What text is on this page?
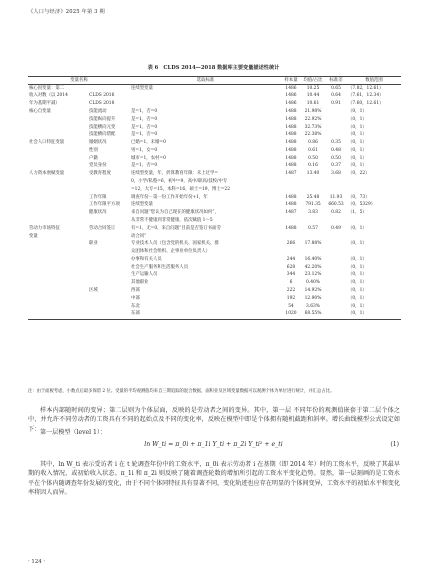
《人口与经济》2025 年第 3 期
表 6　CLDS 2014—2018 数据库主要变量描述性统计
变量名称		选取标准	样本量	均值/占比	标准差	数值范围
核心因变量：第二		连续型变量	1486	10.25	0.65	（7.82，12.61）
收入对数（以 2014	CLDS 2016		1486	10.44	0.64	（7.61，12.34）
年为基期平减）	CLDS 2018		1486	10.61	0.91	（7.60，12.61）
核心自变量	技能流动	是=1，否=0	1488	21.98%		（0，1）
	技能纵向提升	是=1，否=0	1488	22.92%		（0，1）
	技能横向元变	是=1，否=0	1488	32.73%		（0，1）
	技能横向错配	是=1，否=0	1488	22.38%		（0，1）
社会人口特征变量	婚姻状况	已婚=1，未婚=0	1488	0.86	0.35	（0，1）
	性别	男=1，女=0	1488	0.61	0.48	（0，1）
	户籍	城市=1，农村=0	1488	0.50	0.50	（0，1）
	党员身份	是=1，否=0	1488	0.16	0.37	（0，1）
人力资本禀赋变量	受教育程度	连续型变量，年，折算教育年限：未上过学=	1487	13.40	3.68	（0，22）
		0，小学/私塾=6，初中=9，高中/职高/技校/中专				
		=12，大专=15，本科=16，硕士=19，博士=22				
	工作年限	调查年份－第一份工作开始年份+1，年	1488	25.48	11.93	（0，73）
	工作年限平方项	连续型变量	1488	791.35	660.53	（0，5329）
	健康状况	来自问题“您认为自己现在的健康状况如何”，	1487	3.83	0.82	（1，5）
		从非常不健康到非常健康，依次赋值 1～5				
劳动力市场特征	劳动合同签订	有=1，无=0，来自问题“目前是否签订书面劳	1488	0.57	0.49	（0，1）
变量		动合同”				
	职业	专业技术人员（包含党的机关、国家机关、群	266	17.88%		（0，1）
		众团体和社会组织、企事业单位负责人）				
		办事和有关人员	244	16.40%		（0，1）
		社会生产服务和生活服务人员	628	42.20%		（0，1）
		生产运输人员	344	23.12%		（0，1）
		其他职业	6	0.40%		（0，1）
	区域	西部	222	14.92%		（0，1）
		中部	192	12.90%		（0，1）
		东北	54	3.63%		（0，1）
		东部	1020	68.55%		（0，1）
注：由于面板考虑，小数点后最多保留 2 位。受量的平均观测值均来自三期追踪的混合数据，面积业及区域变量数据可以观测个体为单位进行统计，并汇总占比。
样本内部随时间的变异；第二层则为个体层面，反映的是劳动者之间的变异。其中，第一层 不同年份的观测值嵌套于第二层个体之中，并允许不同劳动者的工资具有不同的起始点及不同的变化率，反映在模型中即是个体拥有随机截距和斜率。增长曲线模型公式设定如下： 第一层模型（level 1）：
ln W_ti = π_0i + π_1i Y_ti + π_2i Y_ti² + e_ti	(1)
其中，ln W_ti 表示受访者 i 在 t 轮调查年份中的工资水平，π_0i 表示劳动者 i 在基期（即 2014 年）时的工资水平，反映了其最早期的收入情况，或初始收入状态。π_1i 和 π_2i 则反映了随着调查轮数的增加所引起的工资水平变化趋势。显然，第一层刻画的是工资水平在个体内随调查年份发展的变化，由于不同个体同特征具有显著不同，变化轨迹也应存在明显的个体间变异，工资水平的初始水平和变化率将因人而异。
· 124 ·
